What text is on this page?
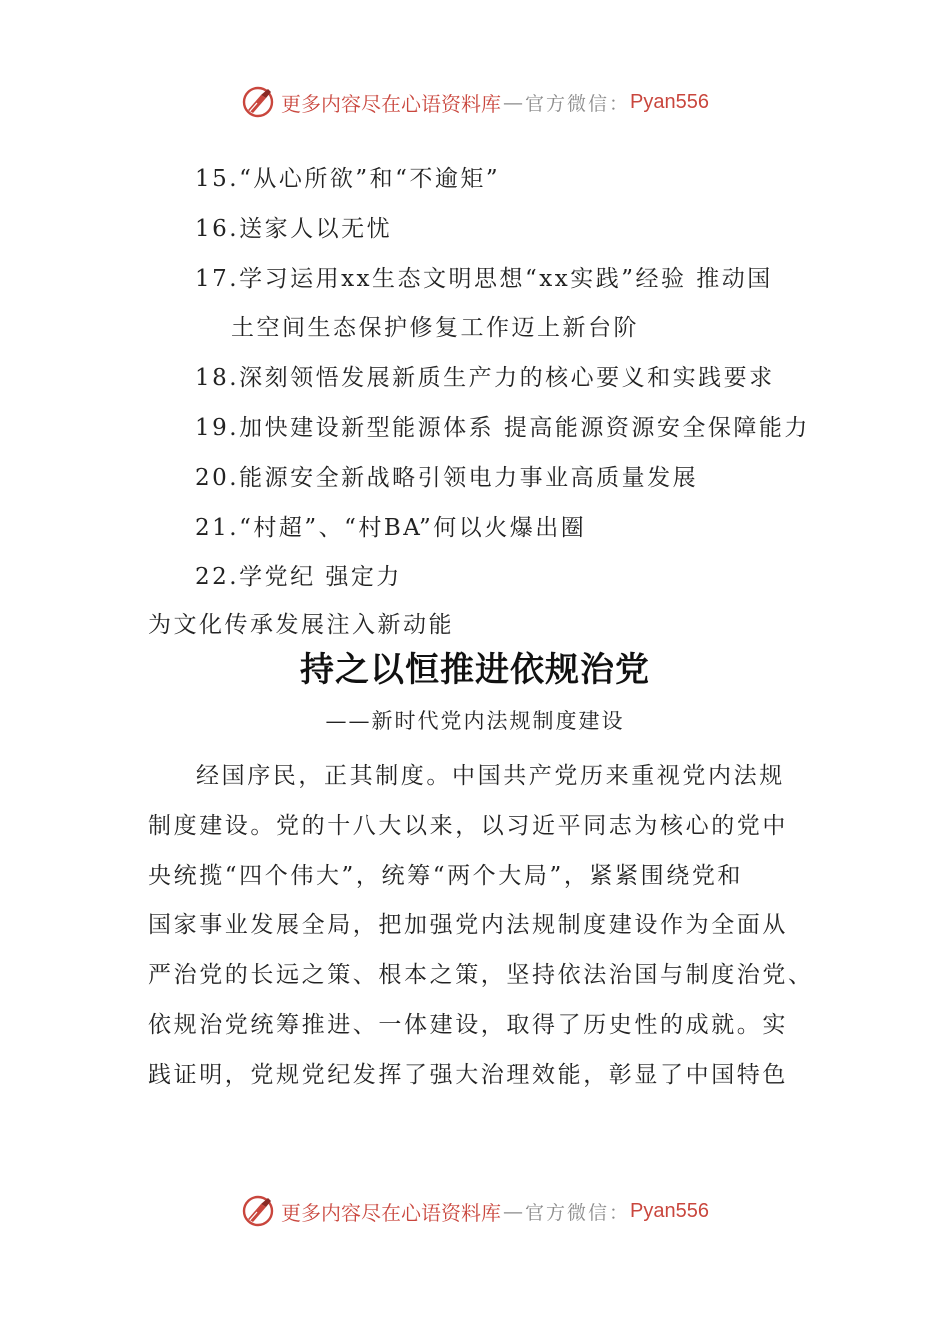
更多内容尽在心语资料库 — 官方微信： Pyan556
15.“从心所欲”和“不逾矩”
16.送家人以无忧
17.学习运用xx生态文明思想“xx实践”经验 推动国
土空间生态保护修复工作迈上新台阶
18.深刻领悟发展新质生产力的核心要义和实践要求
19.加快建设新型能源体系 提高能源资源安全保障能力
20.能源安全新战略引领电力事业高质量发展
21.“村超”、“村BA”何以火爆出圈
22.学党纪 强定力
为文化传承发展注入新动能
持之以恒推进依规治党
——新时代党内法规制度建设
经国序民，正其制度。中国共产党历来重视党内法规
制度建设。党的十八大以来，以习近平同志为核心的党中
央统揽“四个伟大”，统筹“两个大局”，紧紧围绕党和
国家事业发展全局，把加强党内法规制度建设作为全面从
严治党的长远之策、根本之策，坚持依法治国与制度治党、
依规治党统筹推进、一体建设，取得了历史性的成就。实
践证明，党规党纪发挥了强大治理效能，彰显了中国特色
更多内容尽在心语资料库 — 官方微信： Pyan556
